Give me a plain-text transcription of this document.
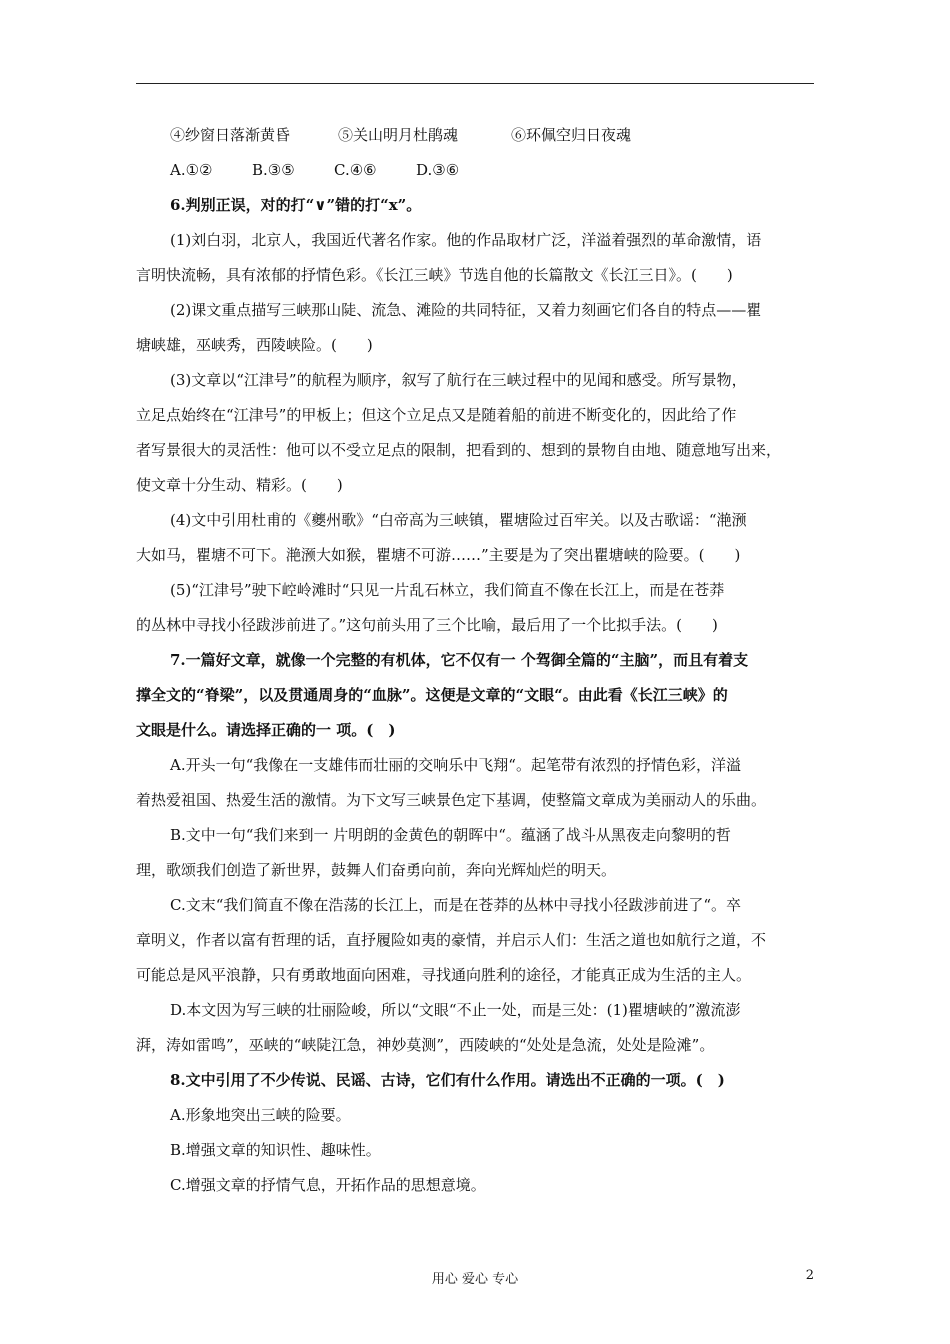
④纱窗日落渐黄昏	⑤关山明月杜鹃魂	⑥环佩空归日夜魂
A.①②	B.③⑤	C.④⑥	D.③⑥
6.判别正误，对的打“∨”错的打“x”。
(1)刘白羽，北京人，我国近代著名作家。他的作品取材广泛，洋溢着强烈的革命激情，语
言明快流畅，具有浓郁的抒情色彩。《长江三峡》节选自他的长篇散文《长江三日》。(　　)
(2)课文重点描写三峡那山陡、流急、滩险的共同特征，又着力刻画它们各自的特点——瞿
塘峡雄，巫峡秀，西陵峡险。(　　)
(3)文章以“江津号”的航程为顺序，叙写了航行在三峡过程中的见闻和感受。所写景物，
立足点始终在“江津号”的甲板上；但这个立足点又是随着船的前进不断变化的，因此给了作
者写景很大的灵活性：他可以不受立足点的限制，把看到的、想到的景物自由地、随意地写出来，
使文章十分生动、精彩。(　　)
(4)文中引用杜甫的《夔州歌》“白帝高为三峡镇，瞿塘险过百牢关。以及古歌谣：“滟滪
大如马，瞿塘不可下。滟滪大如猴，瞿塘不可游……”主要是为了突出瞿塘峡的险要。(　　)
(5)“江津号”驶下崆岭滩时“只见一片乱石林立，我们简直不像在长江上，而是在苍莽
的丛林中寻找小径跋涉前进了。”这句前头用了三个比喻，最后用了一个比拟手法。(　　)
7.一篇好文章，就像一个完整的有机体，它不仅有一 个驾御全篇的“主脑”，而且有着支
撑全文的“脊梁”，以及贯通周身的“血脉”。这便是文章的“文眼“。由此看《长江三峡》的
文眼是什么。请选择正确的一 项。(　)
A.开头一句“我像在一支雄伟而壮丽的交响乐中飞翔“。起笔带有浓烈的抒情色彩，洋溢
着热爱祖国、热爱生活的激情。为下文写三峡景色定下基调，使整篇文章成为美丽动人的乐曲。
B.文中一句“我们来到一 片明朗的金黄色的朝晖中“。蕴涵了战斗从黑夜走向黎明的哲
理，歌颂我们创造了新世界，鼓舞人们奋勇向前，奔向光辉灿烂的明天。
C.文末“我们简直不像在浩荡的长江上，而是在苍莽的丛林中寻找小径跋涉前进了“。卒
章明义，作者以富有哲理的话，直抒履险如夷的豪情，并启示人们：生活之道也如航行之道，不
可能总是风平浪静，只有勇敢地面向困难，寻找通向胜利的途径，才能真正成为生活的主人。
D.本文因为写三峡的壮丽险峻，所以“文眼“不止一处，而是三处：(1)瞿塘峡的”激流澎
湃，涛如雷鸣”，巫峡的“峡陡江急，神妙莫测”，西陵峡的“处处是急流，处处是险滩”。
8.文中引用了不少传说、民谣、古诗，它们有什么作用。请选出不正确的一项。(　)
A.形象地突出三峡的险要。
B.增强文章的知识性、趣味性。
C.增强文章的抒情气息，开拓作品的思想意境。
用心 爱心 专心	2
